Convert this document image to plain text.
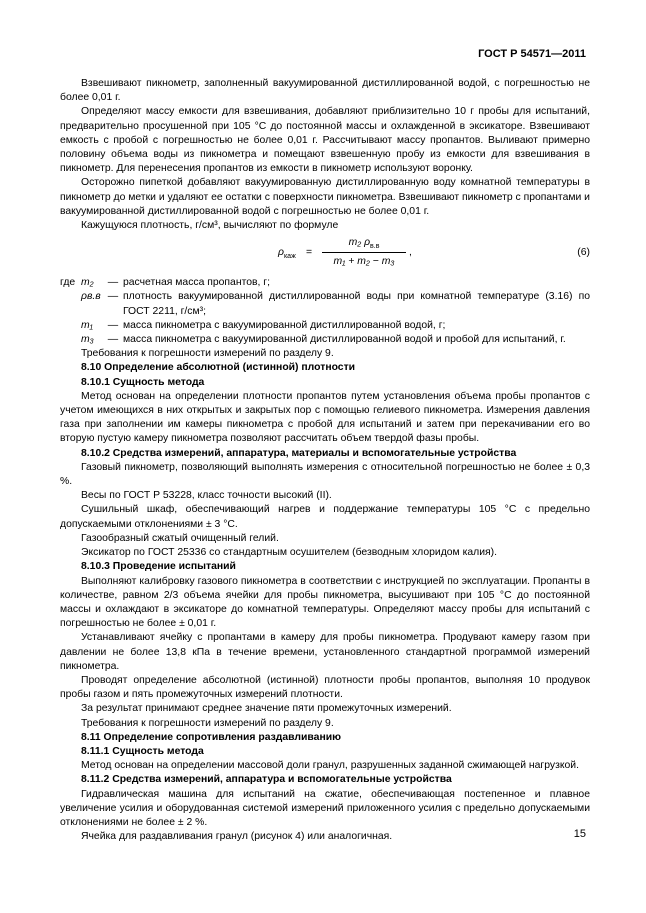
ГОСТ Р 54571—2011

Взвешивают пикнометр, заполненный вакуумированной дистиллированной водой, с погрешностью не более 0,01 г.

Определяют массу емкости для взвешивания, добавляют приблизительно 10 г пробы для испытаний, предварительно просушенной при 105 °С до постоянной массы и охлажденной в эксикаторе. Взвешивают емкость с пробой с погрешностью не более 0,01 г. Рассчитывают массу пропантов. Выливают примерно половину объема воды из пикнометра и помещают взвешенную пробу из емкости для взвешивания в пикнометр. Для перенесения пропантов из емкости в пикнометр используют воронку.

Осторожно пипеткой добавляют вакуумированную дистиллированную воду комнатной температуры в пикнометр до метки и удаляют ее остатки с поверхности пикнометра. Взвешивают пикнометр с пропантами и вакуумированной дистиллированной водой с погрешностью не более 0,01 г.

Кажущуюся плотность, г/см³, вычисляют по формуле

$\rho_{каж}$ =
m₂ $\rho_{в.в}$
m₁ + m₂ − m₃
,	(6)
где m₂	— расчетная масса пропантов, г;
ρв.в — плотность вакуумированной дистиллированной воды при комнатной температуре (3.16) по ГОСТ 2211, г/см³;
m₁	— масса пикнометра с вакуумированной дистиллированной водой, г;
m₃	— масса пикнометра с вакуумированной дистиллированной водой и пробой для испытаний, г.

Требования к погрешности измерений по разделу 9.

8.10 Определение абсолютной (истинной) плотности

8.10.1 Сущность метода

Метод основан на определении плотности пропантов путем установления объема пробы пропантов с учетом имеющихся в них открытых и закрытых пор с помощью гелиевого пикнометра. Измерения давления газа при заполнении им камеры пикнометра с пробой для испытаний и затем при перекачивании его во вторую пустую камеру пикнометра позволяют рассчитать объем твердой фазы пробы.

8.10.2 Средства измерений, аппаратура, материалы и вспомогательные устройства

Газовый пикнометр, позволяющий выполнять измерения с относительной погрешностью не более ± 0,3 %.

Весы по ГОСТ Р 53228, класс точности высокий (II).

Сушильный шкаф, обеспечивающий нагрев и поддержание температуры 105 °С с предельно допускаемыми отклонениями ± 3 °С.

Газообразный сжатый очищенный гелий.

Эксикатор по ГОСТ 25336 со стандартным осушителем (безводным хлоридом калия).

8.10.3 Проведение испытаний

Выполняют калибровку газового пикнометра в соответствии с инструкцией по эксплуатации. Пропанты в количестве, равном 2/3 объема ячейки для пробы пикнометра, высушивают при 105 °С до постоянной массы и охлаждают в эксикаторе до комнатной температуры. Определяют массу пробы для испытаний с погрешностью не более ± 0,01 г.

Устанавливают ячейку с пропантами в камеру для пробы пикнометра. Продувают камеру газом при давлении не более 13,8 кПа в течение времени, установленного стандартной программой измерений пикнометра.

Проводят определение абсолютной (истинной) плотности пробы пропантов, выполняя 10 продувок пробы газом и пять промежуточных измерений плотности.

За результат принимают среднее значение пяти промежуточных измерений.

Требования к погрешности измерений по разделу 9.

8.11 Определение сопротивления раздавливанию

8.11.1 Сущность метода

Метод основан на определении массовой доли гранул, разрушенных заданной сжимающей нагрузкой.

8.11.2 Средства измерений, аппаратура и вспомогательные устройства

Гидравлическая машина для испытаний на сжатие, обеспечивающая постепенное и плавное увеличение усилия и оборудованная системой измерений приложенного усилия с предельно допускаемыми отклонениями не более ± 2 %.

Ячейка для раздавливания гранул (рисунок 4) или аналогичная.	15
